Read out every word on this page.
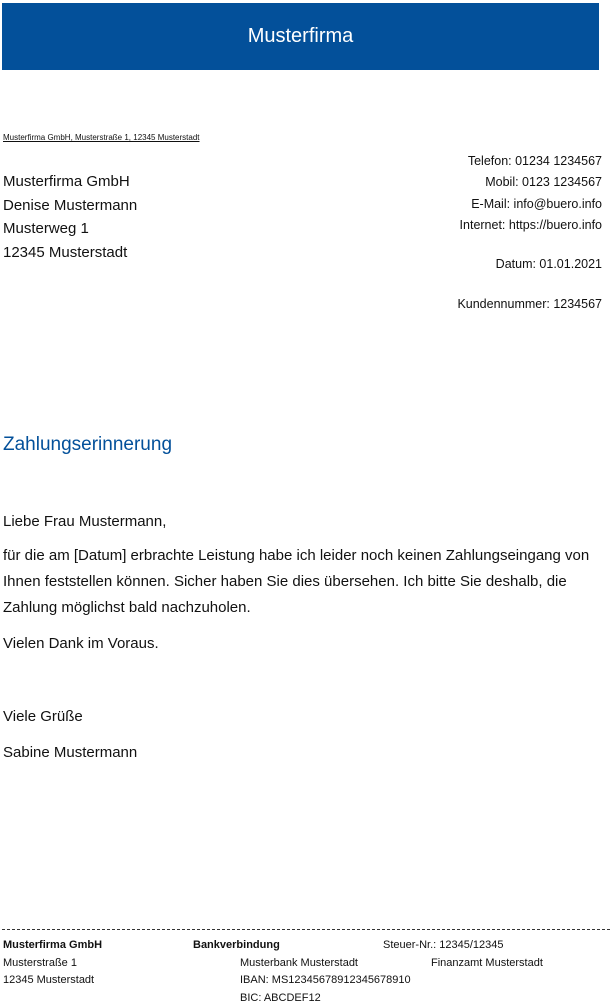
Musterfirma
Musterfirma GmbH, Musterstraße 1, 12345 Musterstadt
Musterfirma GmbH
Denise Mustermann
Musterweg 1
12345 Musterstadt
Telefon: 01234 1234567
Mobil: 0123 1234567
E-Mail: info@buero.info
Internet: https://buero.info
Datum: 01.01.2021
Kundennummer: 1234567
Zahlungserinnerung
Liebe Frau Mustermann,
für die am [Datum] erbrachte Leistung habe ich leider noch keinen Zahlungseingang von Ihnen feststellen können. Sicher haben Sie dies übersehen. Ich bitte Sie deshalb, die Zahlung möglichst bald nachzuholen.
Vielen Dank im Voraus.
Viele Grüße
Sabine Mustermann
Musterfirma GmbH
Musterstraße 1
12345 Musterstadt
Bankverbindung
Musterbank Musterstadt
IBAN: MS12345678912345678910
BIC: ABCDEF12
Steuer-Nr.: 12345/12345
Finanzamt Musterstadt
